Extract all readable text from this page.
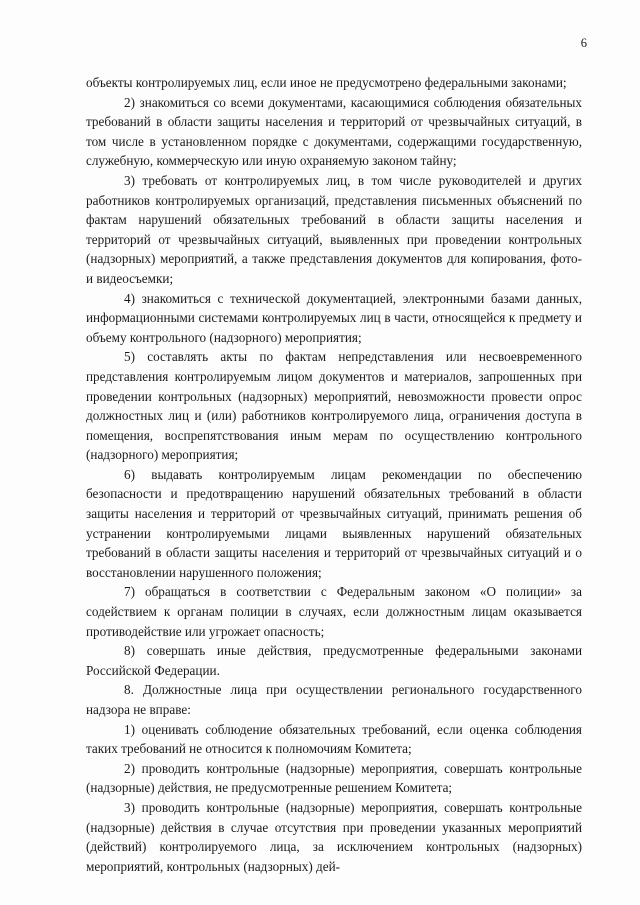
6

объекты контролируемых лиц, если иное не предусмотрено федеральными законами;

2) знакомиться со всеми документами, касающимися соблюдения обязательных требований в области защиты населения и территорий от чрезвычайных ситуаций, в том числе в установленном порядке с документами, содержащими государственную, служебную, коммерческую или иную охраняемую законом тайну;

3) требовать от контролируемых лиц, в том числе руководителей и других работников контролируемых организаций, представления письменных объяснений по фактам нарушений обязательных требований в области защиты населения и территорий от чрезвычайных ситуаций, выявленных при проведении контрольных (надзорных) мероприятий, а также представления документов для копирования, фото- и видеосъемки;

4) знакомиться с технической документацией, электронными базами данных, информационными системами контролируемых лиц в части, относящейся к предмету и объему контрольного (надзорного) мероприятия;

5) составлять акты по фактам непредставления или несвоевременного представления контролируемым лицом документов и материалов, запрошенных при проведении контрольных (надзорных) мероприятий, невозможности провести опрос должностных лиц и (или) работников контролируемого лица, ограничения доступа в помещения, воспрепятствования иным мерам по осуществлению контрольного (надзорного) мероприятия;

6) выдавать контролируемым лицам рекомендации по обеспечению безопасности и предотвращению нарушений обязательных требований в области защиты населения и территорий от чрезвычайных ситуаций, принимать решения об устранении контролируемыми лицами выявленных нарушений обязательных требований в области защиты населения и территорий от чрезвычайных ситуаций и о восстановлении нарушенного положения;

7) обращаться в соответствии с Федеральным законом «О полиции» за содействием к органам полиции в случаях, если должностным лицам оказывается противодействие или угрожает опасность;

8) совершать иные действия, предусмотренные федеральными законами Российской Федерации.

8. Должностные лица при осуществлении регионального государственного надзора не вправе:

1) оценивать соблюдение обязательных требований, если оценка соблюдения таких требований не относится к полномочиям Комитета;

2) проводить контрольные (надзорные) мероприятия, совершать контрольные (надзорные) действия, не предусмотренные решением Комитета;

3) проводить контрольные (надзорные) мероприятия, совершать контрольные (надзорные) действия в случае отсутствия при проведении указанных мероприятий (действий) контролируемого лица, за исключением контрольных (надзорных) мероприятий, контрольных (надзорных) дей-
